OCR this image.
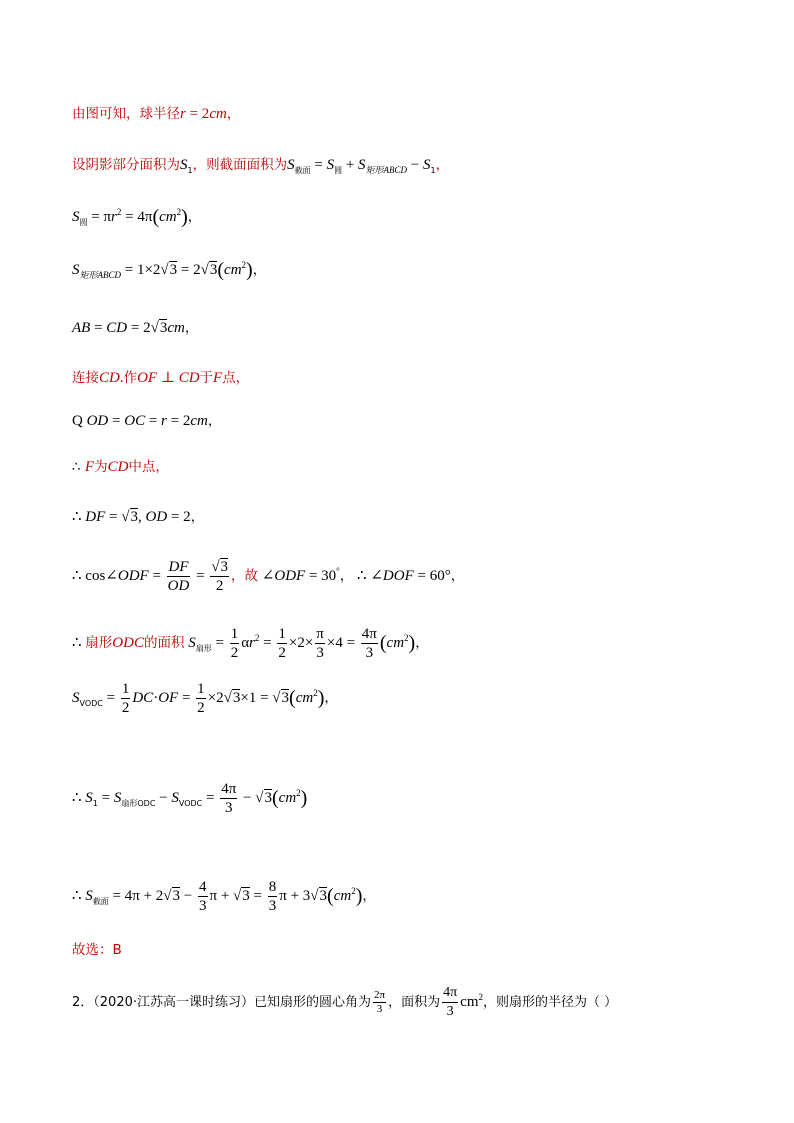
由图可知，球半径r = 2cm，
设阴影部分面积为$S_1$，则截面面积为$S_{截面} = S_圆 + S_{矩形ABCD} - S_1$，
$S_圆 = \pi r^2 = 4\pi(cm^2)$，
$S_{矩形ABCD} = 1\times 2√3 = 2√3(cm^2)$，
AB = CD = 2√3cm，
连接CD.作OF ⊥ CD于F点，
Q OD = OC = r = 2cm，
∴ F为CD中点，
∴ DF = √3, OD = 2，
∴ cos∠ODF = $\frac{DF}{OD} = \frac{√3}{2}$ ，故 ∠ODF = 30°， ∴ ∠DOF = 60°，
∴ 扇形ODC的面积 $S_{扇形} = \frac{1}{2} \alpha r^2 = \frac{1}{2} \times 2\times \frac{\pi}{3} \times 4 = \frac{4\pi}{3} (cm^2)$，
$S_{VODC} = \frac{1}{2} DC\cdot OF = \frac{1}{2} \times 2√3\times 1 = √3(cm^2)$，
∴ $S_1 = S_{扇形ODC} - S_{VODC} = \frac{4\pi}{3} - √3(cm^2)$
∴ $S_{截面} = 4\pi + 2√3 - \frac{4}{3}$ $\pi + √3 = \frac{8}{3}$ $\pi + 3√3(cm^2)$，
故选：B
2．（2020·江苏高一课时练习）已知扇形的圆心角为 $\frac{2\pi}{3}$ ，面积为 $\frac{4\pi}{3} cm^2$，则扇形的半径为（ ）
